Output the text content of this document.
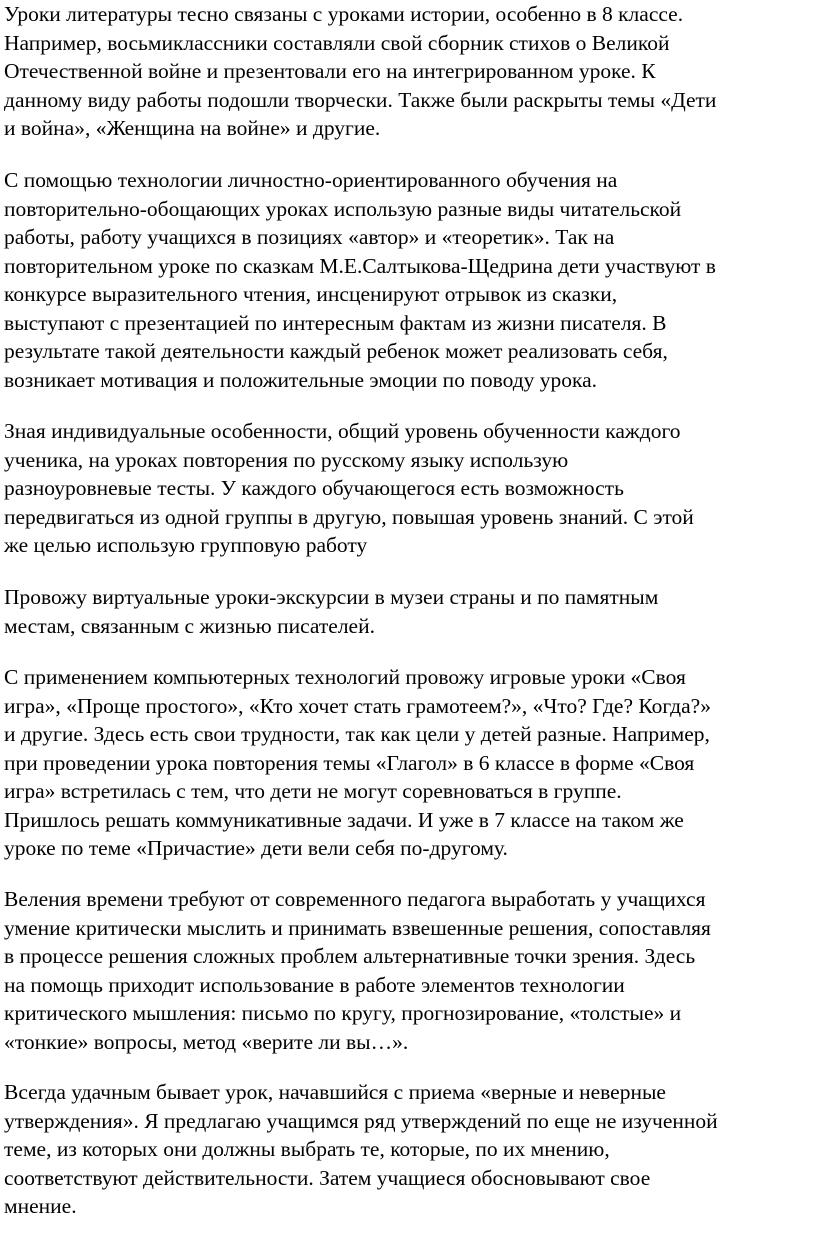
Уроки литературы тесно связаны с уроками истории, особенно в 8 классе.
Например, восьмиклассники составляли свой сборник стихов о Великой
Отечественной войне и презентовали его на интегрированном уроке. К
данному виду работы подошли творчески. Также были раскрыты темы «Дети
и война», «Женщина на войне» и другие.

С помощью технологии личностно-ориентированного обучения на
повторительно-обощающих уроках использую разные виды читательской
работы, работу учащихся в позициях «автор» и «теоретик». Так на
повторительном уроке по сказкам М.Е.Салтыкова-Щедрина дети участвуют в
конкурсе выразительного чтения, инсценируют отрывок из сказки,
выступают с презентацией по интересным фактам из жизни писателя. В
результате такой деятельности каждый ребенок может реализовать себя,
возникает мотивация и положительные эмоции по поводу урока.

Зная индивидуальные особенности, общий уровень обученности каждого
ученика, на уроках повторения по русскому языку использую
разноуровневые тесты. У каждого обучающегося есть возможность
передвигаться из одной группы в другую, повышая уровень знаний. С этой
же целью использую групповую работу

Провожу виртуальные уроки-экскурсии в музеи страны и по памятным
местам, связанным с жизнью писателей.

С применением компьютерных технологий провожу игровые уроки «Своя
игра», «Проще простого», «Кто хочет стать грамотеем?», «Что? Где? Когда?»
и другие. Здесь есть свои трудности, так как цели у детей разные. Например,
при проведении урока повторения темы «Глагол» в 6 классе в форме «Своя
игра» встретилась с тем, что дети не могут соревноваться в группе.
Пришлось решать коммуникативные задачи. И уже в 7 классе на таком же
уроке по теме «Причастие» дети вели себя по-другому.

Веления времени требуют от современного педагога выработать у учащихся
умение критически мыслить и принимать взвешенные решения, сопоставляя
в процессе решения сложных проблем альтернативные точки зрения. Здесь
на помощь приходит использование в работе элементов технологии
критического мышления: письмо по кругу, прогнозирование, «толстые» и
«тонкие» вопросы, метод «верите ли вы…».

Всегда удачным бывает урок, начавшийся с приема «верные и неверные
утверждения». Я предлагаю учащимся ряд утверждений по еще не изученной
теме, из которых они должны выбрать те, которые, по их мнению,
соответствуют действительности. Затем учащиеся обосновывают свое
мнение.
